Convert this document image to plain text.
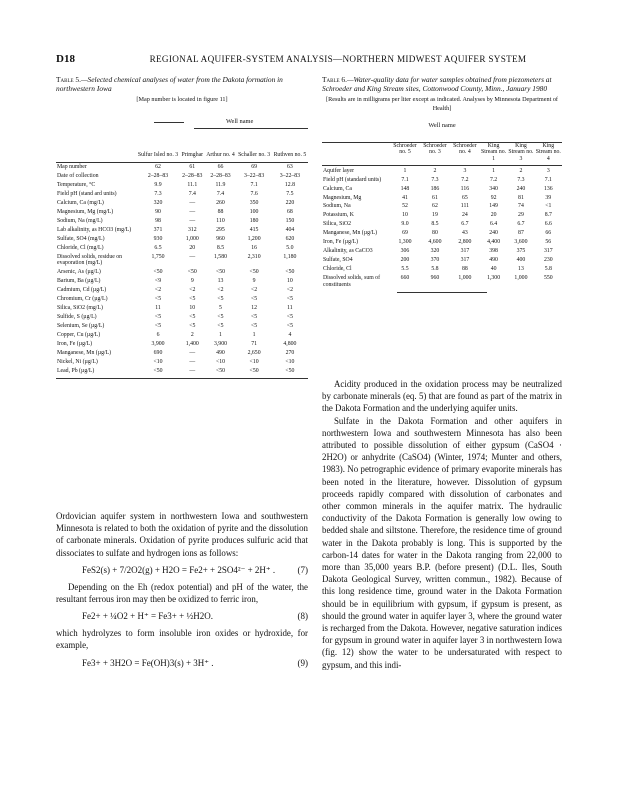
D18	REGIONAL AQUIFER-SYSTEM ANALYSIS—NORTHERN MIDWEST AQUIFER SYSTEM
Table 5.—Selected chemical analyses of water from the Dakota formation in northwestern Iowa
[Map number is located in figure 11]
Well name
	Sulfur Isled no. 3	Primghar	Arthur no. 4	Schaller no. 3	Ruthven no. 5
Map number	62	61	66	69	63
Date of collection	2–28–83	2–28–83	2–28–83	3–22–83	3–22–83
Temperature, °C	9.9	11.1	11.9	7.1	12.8
Field pH (stand ard units)	7.3	7.4	7.4	7.6	7.5
Calcium, Ca (mg/L)	320	—	260	350	220
Magnesium, Mg (mg/L)	90	—	88	100	68
Sodium, Na (mg/L)	98	—	110	180	150
Lab alkalinity, as HCO3 (mg/L)	371	312	295	415	404
Sulfate, SO4 (mg/L)	930	1,000	960	1,200	620
Chloride, Cl (mg/L)	6.5	20	8.5	16	5.0
Dissolved solids, residue on evaporation (mg/L)	1,750	—	1,580	2,310	1,180
Arsenic, As (µg/L)	<50	<50	<50	<50	<50
Barium, Ba (µg/L)	<9	9	13	9	10
Cadmium, Cd (µg/L)	<2	<2	<2	<2	<2
Chromium, Cr (µg/L)	<5	<5	<5	<5	<5
Silica, SiO2 (mg/L)	11	10	5	12	11
Sulfide, S (µg/L)	<5	<5	<5	<5	<5
Selenium, Se (µg/L)	<5	<5	<5	<5	<5
Copper, Cu (µg/L)	6	2	1	1	4
Iron, Fe (µg/L)	3,900	1,400	3,900	71	4,800
Manganese, Mn (µg/L)	690	—	490	2,650	270
Nickel, Ni (µg/L)	<10	—	<10	<10	<10
Lead, Pb (µg/L)	<50	—	<50	<50	<50
Table 6.—Water-quality data for water samples obtained from piezometers at Schroeder and King Stream sites, Cottonwood County, Minn., January 1980
[Results are in milligrams per liter except as indicated. Analyses by Minnesota Department of Health]
Well name
	Schroeder no. 5	Schroeder no. 3	Schroeder no. 4	King Stream no. 1	King Stream no. 3	King Stream no. 4
Aquifer layer	1	2	3	1	2	3
Field pH (standard units)	7.1	7.3	7.2	7.2	7.3	7.1
Calcium, Ca	148	186	116	340	240	136
Magnesium, Mg	41	61	65	92	81	39
Sodium, Na	52	62	111	149	74	<1
Potassium, K	10	19	24	20	29	8.7
Silica, SiO2	9.0	8.5	6.7	6.4	6.7	6.6
Manganese, Mn (µg/L)	69	80	43	240	87	66
Iron, Fe (µg/L)	1,300	4,600	2,800	4,400	3,600	56
Alkalinity, as CaCO3	306	320	317	398	375	317
Sulfate, SO4	200	370	317	490	400	230
Chloride, Cl	5.5	5.8	88	40	13	5.8
Dissolved solids, sum of constituents	660	960	1,000	1,300	1,000	550

Ordovician aquifer system in northwestern Iowa and southwestern Minnesota is related to both the oxidation of pyrite and the dissolution of carbonate minerals. Oxidation of pyrite produces sulfuric acid that dissociates to sulfate and hydrogen ions as follows:

FeS2(s) + 7/2O2(g) + H2O = Fe2+ + 2SO4²⁻ + 2H⁺ . (7)

Depending on the Eh (redox potential) and pH of the water, the resultant ferrous iron may then be oxidized to ferric iron,

Fe2+ + ¼O2 + H⁺ = Fe3+ + ½H2O.	(8)

which hydrolyzes to form insoluble iron oxides or hydroxide, for example,

Fe3+ + 3H2O = Fe(OH)3(s) + 3H⁺ .	(9)

Acidity produced in the oxidation process may be neutralized by carbonate minerals (eq. 5) that are found as part of the matrix in the Dakota Formation and the underlying aquifer units.

Sulfate in the Dakota Formation and other aquifers in northwestern Iowa and southwestern Minnesota has also been attributed to possible dissolution of either gypsum (CaSO4 · 2H2O) or anhydrite (CaSO4) (Winter, 1974; Munter and others, 1983). No petrographic evidence of primary evaporite minerals has been noted in the literature, however. Dissolution of gypsum proceeds rapidly compared with dissolution of carbonates and other common minerals in the aquifer matrix. The hydraulic conductivity of the Dakota Formation is generally low owing to bedded shale and siltstone. Therefore, the residence time of ground water in the Dakota probably is long. This is supported by the carbon-14 dates for water in the Dakota ranging from 22,000 to more than 35,000 years B.P. (before present) (D.L. Iles, South Dakota Geological Survey, written commun., 1982). Because of this long residence time, ground water in the Dakota Formation should be in equilibrium with gypsum, if gypsum is present, as should the ground water in aquifer layer 3, where the ground water is recharged from the Dakota. However, negative saturation indices for gypsum in ground water in aquifer layer 3 in northwestern Iowa (fig. 12) show the water to be undersaturated with respect to gypsum, and this indi-
